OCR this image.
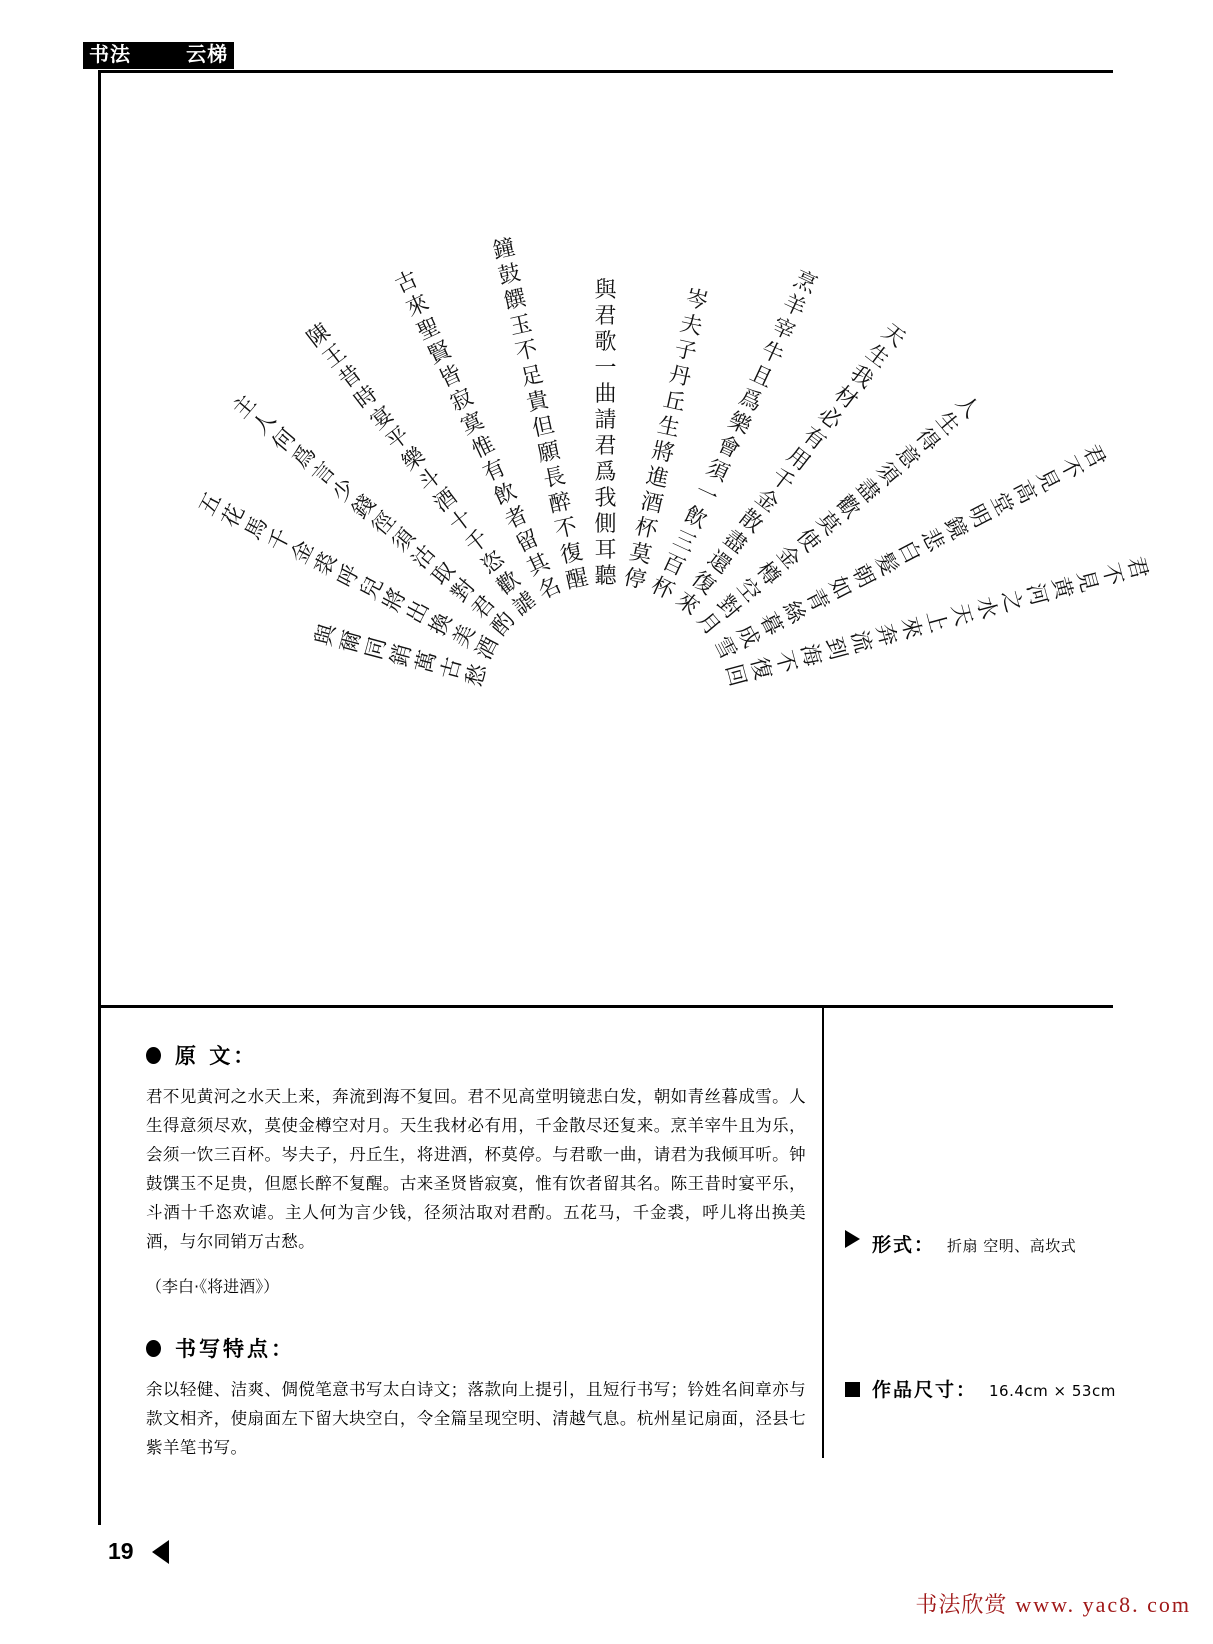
书法创作 云梯
君
不
見
黄
河
之
水
天
上
來
奔
流
到
海
不
復
回
君
不
見
高
堂
明
鏡
悲
白
髮
朝
如
青
絲
暮
成
雪
人
生
得
意
須
盡
歡
莫
使
金
樽
空
對
月
天
生
我
材
必
有
用
千
金
散
盡
還
復
來
烹
羊
宰
牛
且
爲
樂
會
須
一
飲
三
百
杯
岑
夫
子
丹
丘
生
將
進
酒
杯
莫
停
與
君
歌
一
曲
請
君
爲
我
側
耳
聽
鐘
鼓
饌
玉
不
足
貴
但
願
長
醉
不
復
醒
古
來
聖
賢
皆
寂
寞
惟
有
飲
者
留
其
名
陳
王
昔
時
宴
平
樂
斗
酒
十
千
恣
歡
謔
主
人
何
爲
言
少
錢
徑
須
沽
取
對
君
酌
五
花
馬
千
金
裘
呼
兒
將
出
換
美
酒
與
爾
同
銷
萬
古
愁
原 文：

君不见黄河之水天上来，奔流到海不复回。君不见高堂明镜悲白发，朝如青丝暮成雪。人生得意须尽欢，莫使金樽空对月。天生我材必有用，千金散尽还复来。烹羊宰牛且为乐，会须一饮三百杯。岑夫子，丹丘生，将进酒，杯莫停。与君歌一曲，请君为我倾耳听。钟鼓馔玉不足贵，但愿长醉不复醒。古来圣贤皆寂寞，惟有饮者留其名。陈王昔时宴平乐，斗酒十千恣欢谑。主人何为言少钱，径须沽取对君酌。五花马，千金裘，呼儿将出换美酒，与尔同销万古愁。

（李白·《将进酒》）
书写特点：

余以轻健、洁爽、倜傥笔意书写太白诗文；落款向上提引，且短行书写；钤姓名间章亦与款文相齐，使扇面左下留大块空白，令全篇呈现空明、清越气息。杭州星记扇面，泾县七紫羊笔书写。

形式： 折扇 空明、高坎式
作品尺寸： 16.4cm × 53cm
19
书法欣赏 www. yac8. com
